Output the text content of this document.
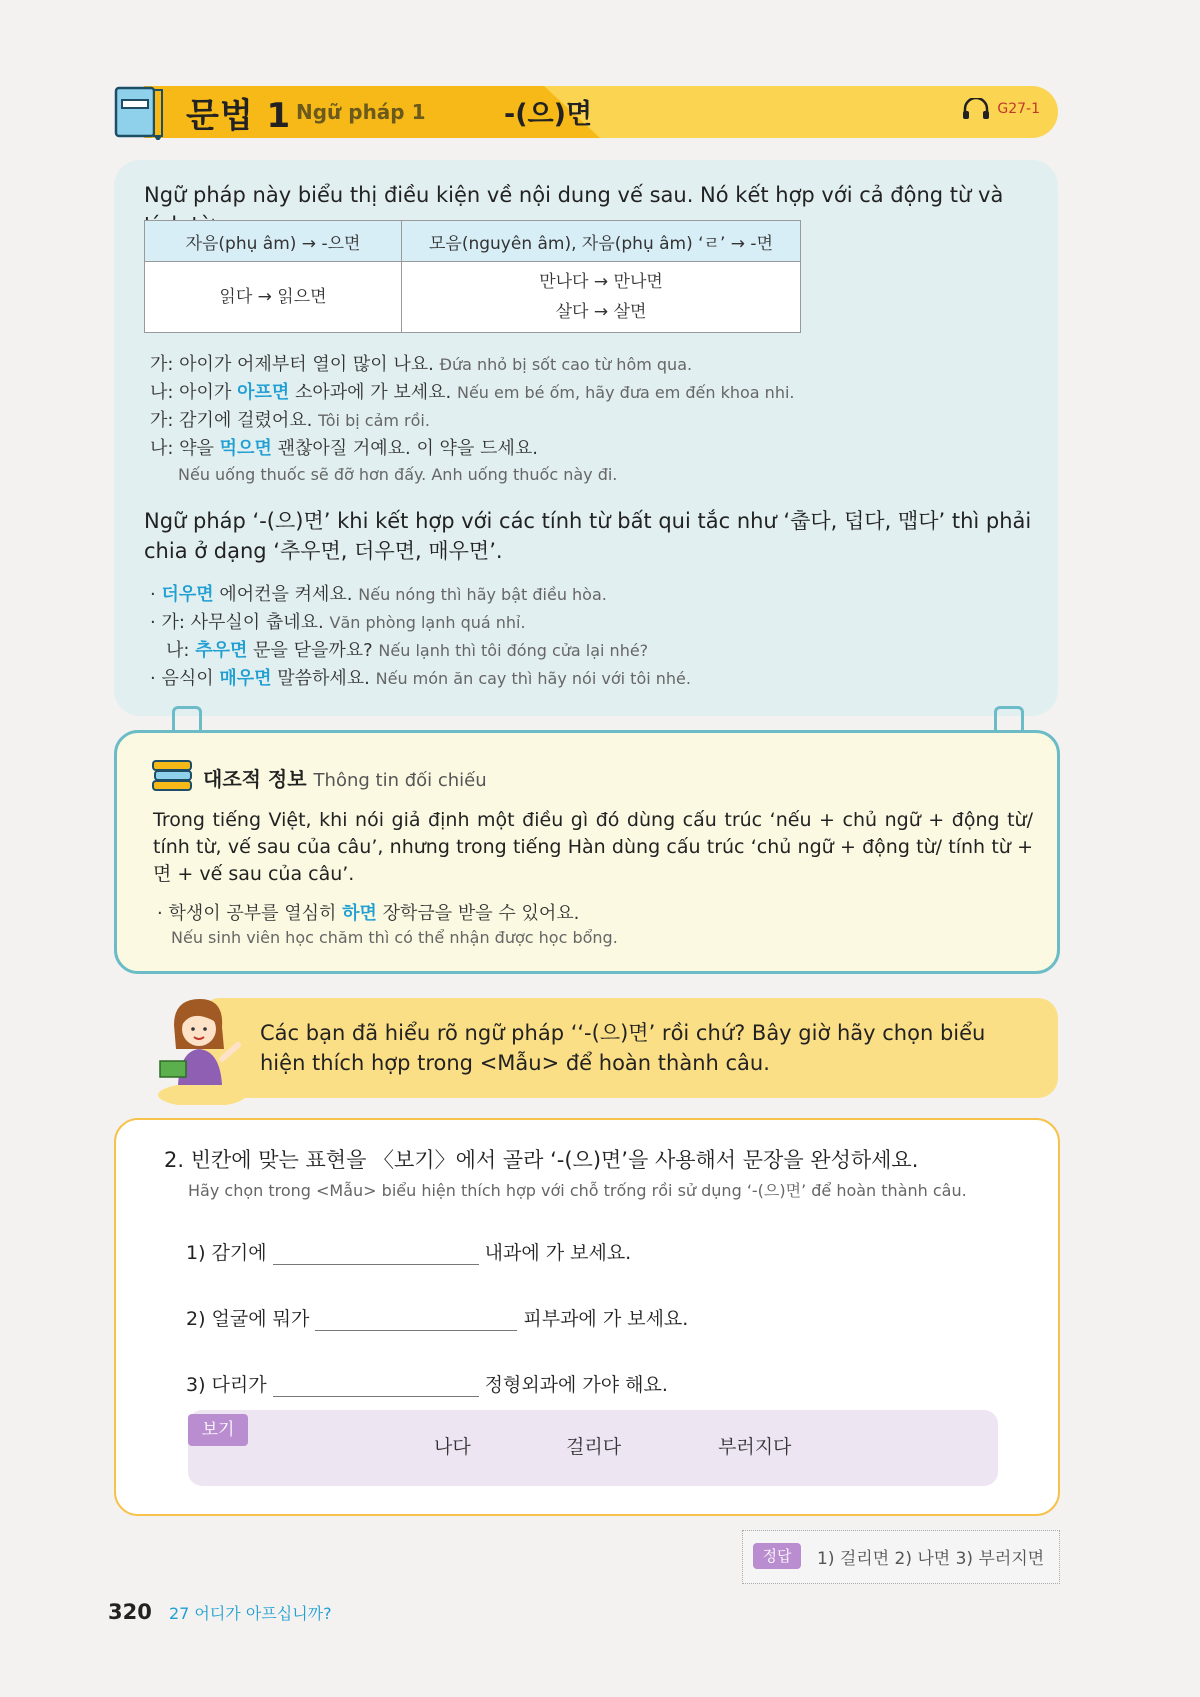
문법 1 Ngữ pháp 1	-(으)면	G27-1
Ngữ pháp này biểu thị điều kiện về nội dung vế sau. Nó kết hợp với cả động từ và
자음(phụ âm) → -으면	모음(nguyên âm), 자음(phụ âm) ‘ㄹ’ → -면
읽다 → 읽으면	만나다 → 만나면
살다 → 살면
가: 아이가 어제부터 열이 많이 나요. Đứa nhỏ bị sốt cao từ hôm qua.
나: 아이가 아프면 소아과에 가 보세요. Nếu em bé ốm, hãy đưa em đến khoa nhi.
가: 감기에 걸렸어요. Tôi bị cảm rồi.
나: 약을 먹으면 괜찮아질 거예요. 이 약을 드세요.
Nếu uống thuốc sẽ đỡ hơn đấy. Anh uống thuốc này đi.
Ngữ pháp ‘-(으)면’ khi kết hợp với các tính từ bất qui tắc như ‘춥다, 덥다, 맵다’ thì phải chia ở dạng ‘추우면, 더우면, 매우면’.
· 더우면 에어컨을 켜세요. Nếu nóng thì hãy bật điều hòa.
· 가: 사무실이 춥네요. Văn phòng lạnh quá nhỉ.
나: 추우면 문을 닫을까요? Nếu lạnh thì tôi đóng cửa lại nhé?
· 음식이 매우면 말씀하세요. Nếu món ăn cay thì hãy nói với tôi nhé.
대조적 정보 Thông tin đối chiếu
Trong tiếng Việt, khi nói giả định một điều gì đó dùng cấu trúc ‘nếu + chủ ngữ + động từ/ tính từ, vế sau của câu’, nhưng trong tiếng Hàn dùng cấu trúc ‘chủ ngữ + động từ/ tính từ + 면 + vế sau của câu’.
· 학생이 공부를 열심히 하면 장학금을 받을 수 있어요.
Nếu sinh viên học chăm thì có thể nhận được học bổng.
Các bạn đã hiểu rõ ngữ pháp ‘‘-(으)면’ rồi chứ? Bây giờ hãy chọn biểu hiện thích hợp trong <Mẫu> để hoàn thành câu.
2. 빈칸에 맞는 표현을 〈보기〉에서 골라 ‘-(으)면’을 사용해서 문장을 완성하세요.
Hãy chọn trong <Mẫu> biểu hiện thích hợp với chỗ trống rồi sử dụng ‘-(으)면’ để hoàn thành câu.
1) 감기에	내과에 가 보세요.
2) 얼굴에 뭐가	피부과에 가 보세요.
3) 다리가	정형외과에 가야 해요.
보기
나다	걸리다	부러지다
정답	1) 걸리면 2) 나면 3) 부러지면
320 27 어디가 아프십니까?
